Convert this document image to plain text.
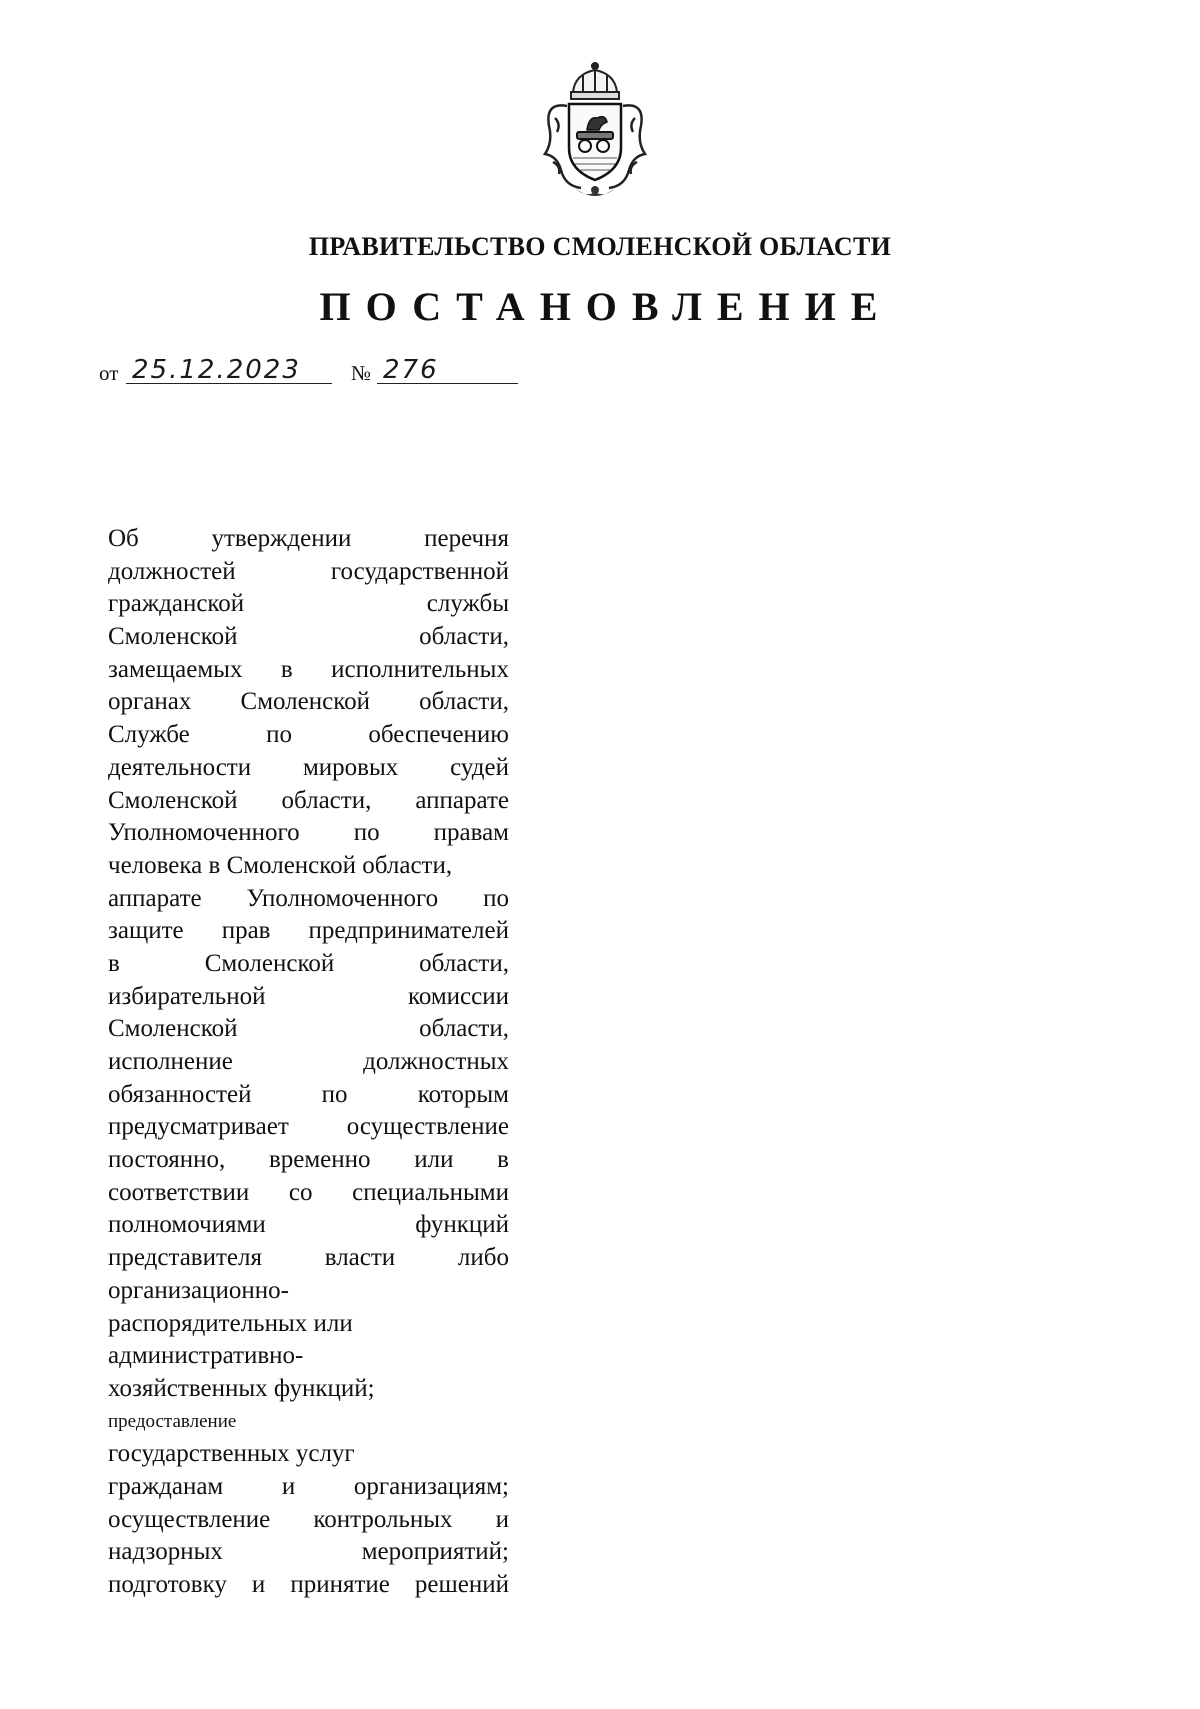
ПРАВИТЕЛЬСТВО СМОЛЕНСКОЙ ОБЛАСТИ
ПОСТАНОВЛЕНИЕ
от 25.12.2023	№ 276
Об	утверждении	перечня
должностей	государственной
гражданской	службы
Смоленской	области,
замещаемых в исполнительных
органах Смоленской области,
Службе	по	обеспечению
деятельности мировых судей
Смоленской области, аппарате
Уполномоченного по правам
человека в Смоленской области,
аппарате Уполномоченного по
защите прав предпринимателей
в	Смоленской	области,
избирательной	комиссии
Смоленской	области,
исполнение	должностных
обязанностей	по	которым
предусматривает осуществление
постоянно, временно или в
соответствии со специальными
полномочиями	функций
представителя	власти	либо
организационно-
распорядительных или
административно-
хозяйственных функций;
предоставление
государственных услуг
гражданам и организациям;
осуществление контрольных и
надзорных	мероприятий;
подготовку и принятие решений
